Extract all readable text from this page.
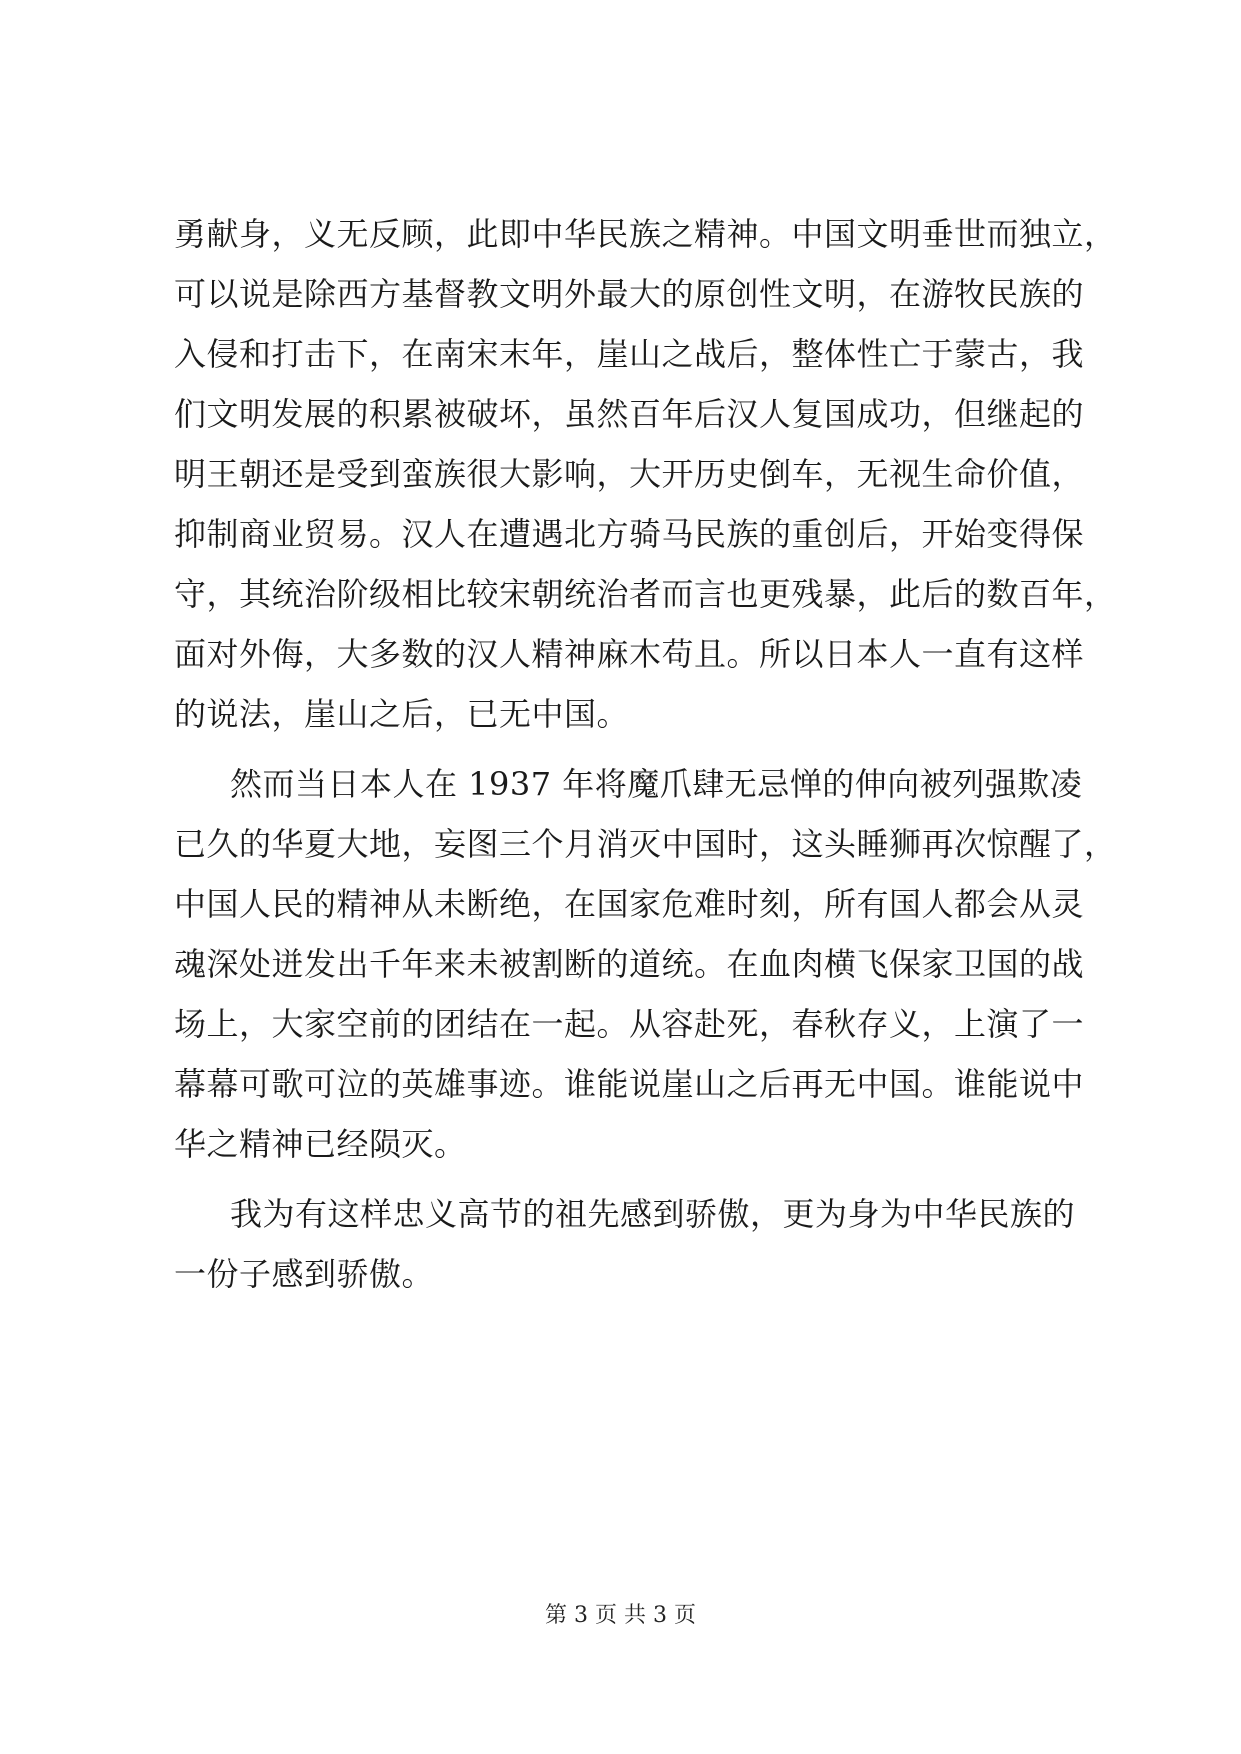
勇献身，义无反顾，此即中华民族之精神。中国文明垂世而独立，
可以说是除西方基督教文明外最大的原创性文明，在游牧民族的
入侵和打击下，在南宋末年，崖山之战后，整体性亡于蒙古，我
们文明发展的积累被破坏，虽然百年后汉人复国成功，但继起的
明王朝还是受到蛮族很大影响，大开历史倒车，无视生命价值，
抑制商业贸易。汉人在遭遇北方骑马民族的重创后，开始变得保
守，其统治阶级相比较宋朝统治者而言也更残暴，此后的数百年，
面对外侮，大多数的汉人精神麻木苟且。所以日本人一直有这样
的说法，崖山之后，已无中国。
然而当日本人在 1937 年将魔爪肆无忌惮的伸向被列强欺凌
已久的华夏大地，妄图三个月消灭中国时，这头睡狮再次惊醒了，
中国人民的精神从未断绝，在国家危难时刻，所有国人都会从灵
魂深处迸发出千年来未被割断的道统。在血肉横飞保家卫国的战
场上，大家空前的团结在一起。从容赴死，春秋存义，上演了一
幕幕可歌可泣的英雄事迹。谁能说崖山之后再无中国。谁能说中
华之精神已经陨灭。
我为有这样忠义高节的祖先感到骄傲，更为身为中华民族的
一份子感到骄傲。
第 3 页 共 3 页
